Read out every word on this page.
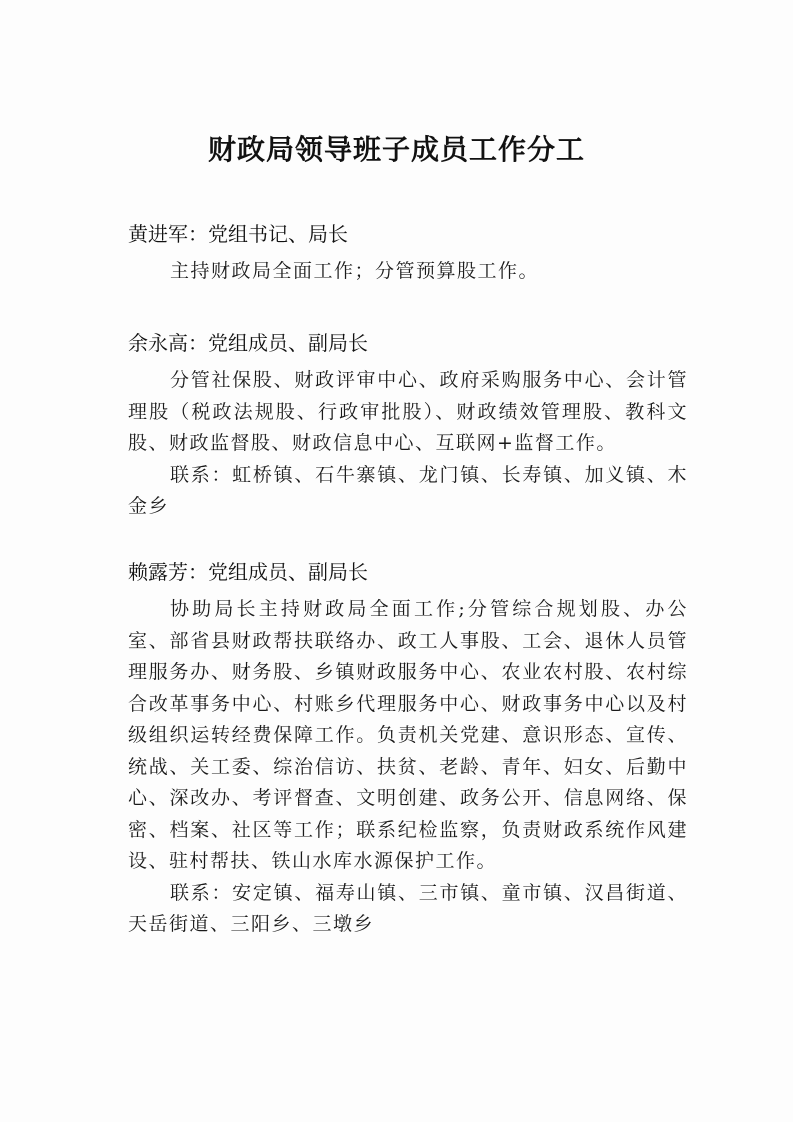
财政局领导班子成员工作分工
黄进军：党组书记、局长

主持财政局全面工作；分管预算股工作。

余永高：党组成员、副局长

分管社保股、财政评审中心、政府采购服务中心、会计管理股（税政法规股、行政审批股）、财政绩效管理股、教科文股、财政监督股、财政信息中心、互联网+监督工作。

联系：虹桥镇、石牛寨镇、龙门镇、长寿镇、加义镇、木金乡

赖露芳：党组成员、副局长

协助局长主持财政局全面工作;分管综合规划股、办公室、部省县财政帮扶联络办、政工人事股、工会、退休人员管理服务办、财务股、乡镇财政服务中心、农业农村股、农村综合改革事务中心、村账乡代理服务中心、财政事务中心以及村级组织运转经费保障工作。负责机关党建、意识形态、宣传、统战、关工委、综治信访、扶贫、老龄、青年、妇女、后勤中心、深改办、考评督查、文明创建、政务公开、信息网络、保密、档案、社区等工作；联系纪检监察，负责财政系统作风建设、驻村帮扶、铁山水库水源保护工作。

联系：安定镇、福寿山镇、三市镇、童市镇、汉昌街道、天岳街道、三阳乡、三墩乡
